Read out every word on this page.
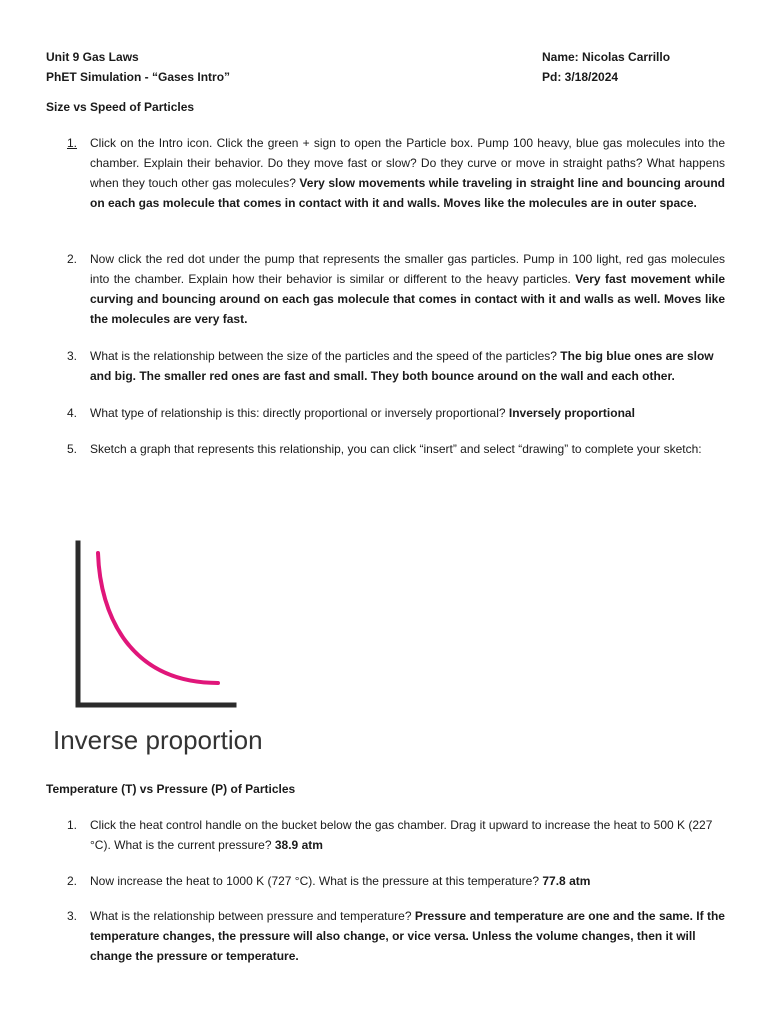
Unit 9 Gas Laws
PhET Simulation - “Gases Intro”
Name: Nicolas Carrillo
Pd: 3/18/2024
Size vs Speed of Particles
1.	Click on the Intro icon. Click the green + sign to open the Particle box. Pump 100 heavy, blue gas molecules into the chamber. Explain their behavior. Do they move fast or slow? Do they curve or move in straight paths? What happens when they touch other gas molecules? Very slow movements while traveling in straight line and bouncing around on each gas molecule that comes in contact with it and walls. Moves like the molecules are in outer space.
2.	Now click the red dot under the pump that represents the smaller gas particles. Pump in 100 light, red gas molecules into the chamber. Explain how their behavior is similar or different to the heavy particles. Very fast movement while curving and bouncing around on each gas molecule that comes in contact with it and walls as well. Moves like the molecules are very fast.
3.	What is the relationship between the size of the particles and the speed of the particles? The big blue ones are slow and big. The smaller red ones are fast and small. They both bounce around on the wall and each other.
4.	What type of relationship is this: directly proportional or inversely proportional? Inversely proportional
5.	Sketch a graph that represents this relationship, you can click “insert” and select “drawing” to complete your sketch:
Inverse proportion
Temperature (T) vs Pressure (P) of Particles
1.	Click the heat control handle on the bucket below the gas chamber. Drag it upward to increase the heat to 500 K (227 °C). What is the current pressure? 38.9 atm
2.	Now increase the heat to 1000 K (727 °C). What is the pressure at this temperature? 77.8 atm
3.	What is the relationship between pressure and temperature? Pressure and temperature are one and the same. If the temperature changes, the pressure will also change, or vice versa. Unless the volume changes, then it will change the pressure or temperature.
